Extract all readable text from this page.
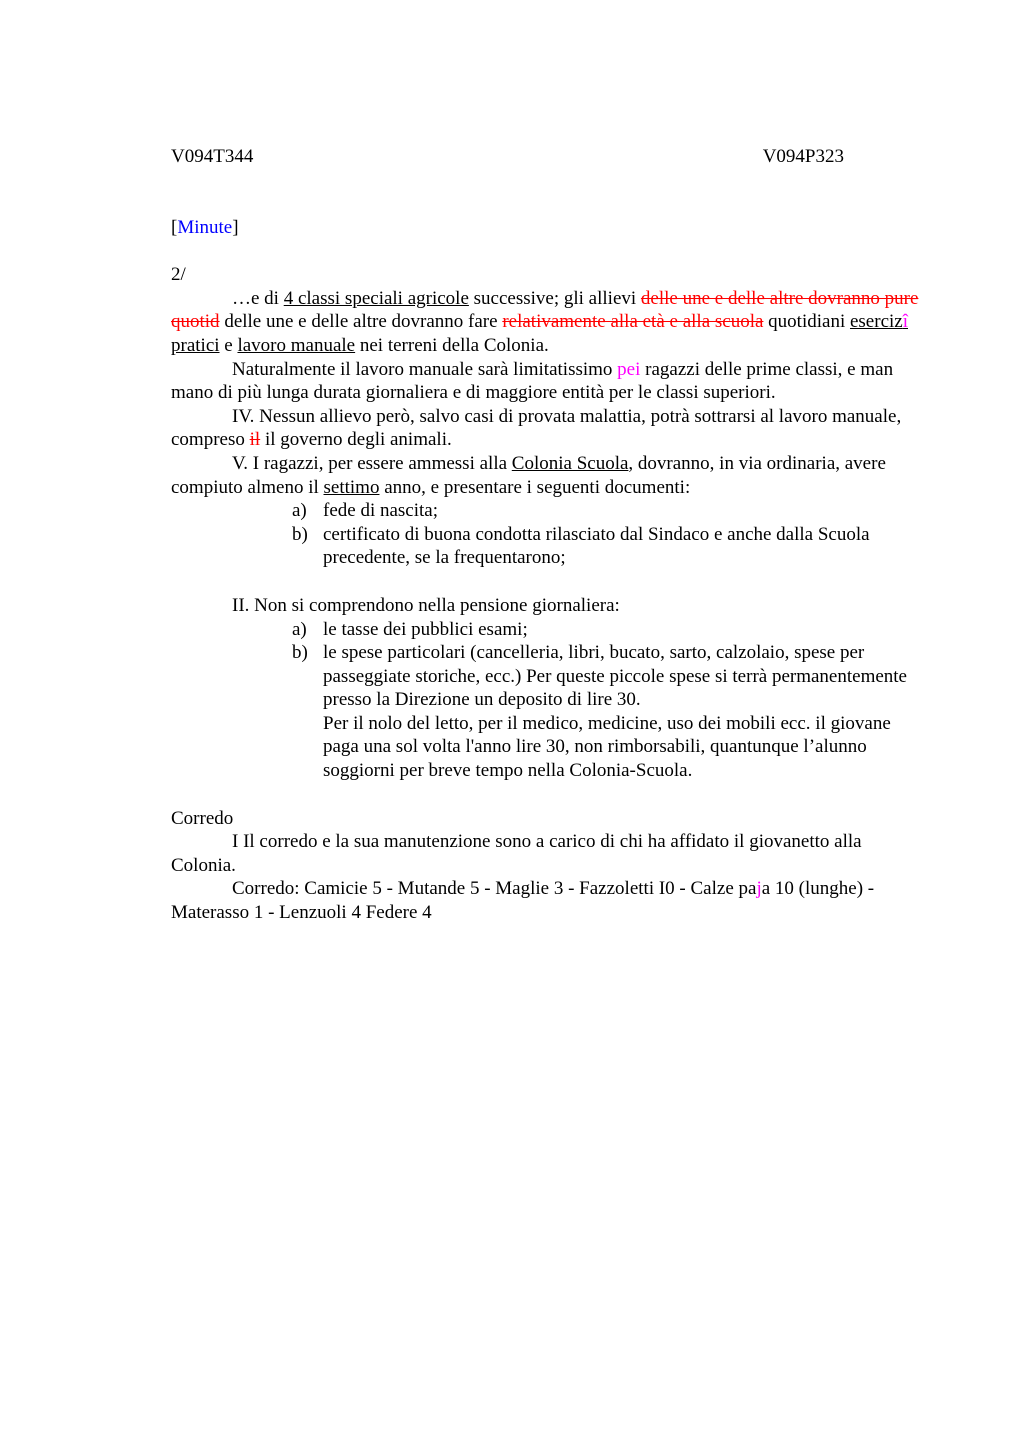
V094T344	V094P323

[Minute]

2/

…e di 4 classi speciali agricole successive; gli allievi delle une e delle altre dovranno pure quotid delle une e delle altre dovranno fare relativamente alla età e alla scuola quotidiani esercizî pratici e lavoro manuale nei terreni della Colonia.

Naturalmente il lavoro manuale sarà limitatissimo pei ragazzi delle prime classi, e man mano di più lunga durata giornaliera e di maggiore entità per le classi superiori.

IV. Nessun allievo però, salvo casi di provata malattia, potrà sottrarsi al lavoro manuale, compreso il il governo degli animali.

V. I ragazzi, per essere ammessi alla Colonia Scuola, dovranno, in via ordinaria, avere compiuto almeno il settimo anno, e presentare i seguenti documenti:

a) fede di nascita;
b) certificato di buona condotta rilasciato dal Sindaco e anche dalla Scuola precedente, se la frequentarono;

II. Non si comprendono nella pensione giornaliera:

a) le tasse dei pubblici esami;
b) le spese particolari (cancelleria, libri, bucato, sarto, calzolaio, spese per passeggiate storiche, ecc.) Per queste piccole spese si terrà permanentemente presso la Direzione un deposito di lire 30.
Per il nolo del letto, per il medico, medicine, uso dei mobili ecc. il giovane paga una sol volta l'anno lire 30, non rimborsabili, quantunque l’alunno soggiorni per breve tempo nella Colonia-Scuola.

Corredo

I Il corredo e la sua manutenzione sono a carico di chi ha affidato il giovanetto alla Colonia.

Corredo: Camicie 5 - Mutande 5 - Maglie 3 - Fazzoletti I0 - Calze paja 10 (lunghe) - Materasso 1 - Lenzuoli 4 Federe 4
